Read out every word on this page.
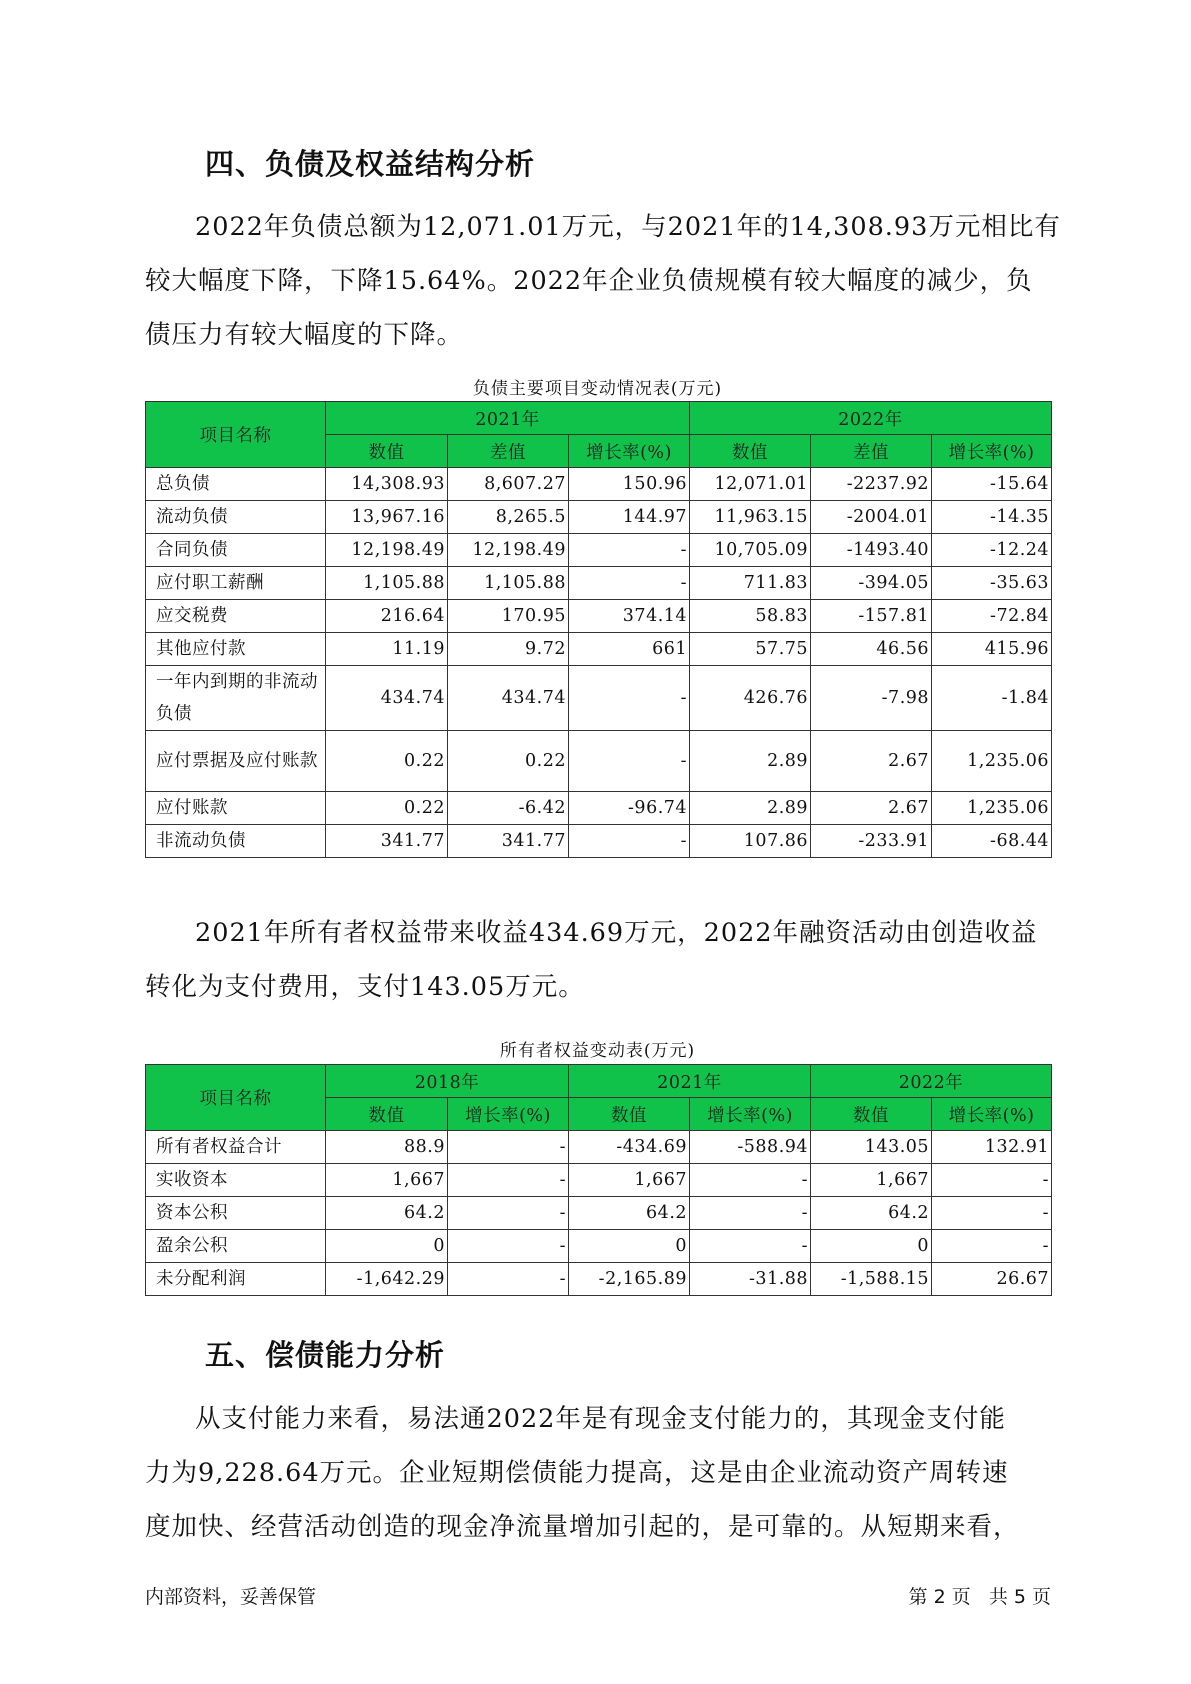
四、负债及权益结构分析
2022年负债总额为12,071.01万元，与2021年的14,308.93万元相比有
较大幅度下降，下降15.64%。2022年企业负债规模有较大幅度的减少，负
债压力有较大幅度的下降。
负债主要项目变动情况表(万元)
项目名称	2021年			2022年		
	数值	差值	增长率(%)	数值	差值	增长率(%)
总负债	14,308.93	8,607.27	150.96	12,071.01	-2237.92	-15.64
流动负债	13,967.16	8,265.5	144.97	11,963.15	-2004.01	-14.35
合同负债	12,198.49	12,198.49	-	10,705.09	-1493.40	-12.24
应付职工薪酬	1,105.88	1,105.88	-	711.83	-394.05	-35.63
应交税费	216.64	170.95	374.14	58.83	-157.81	-72.84
其他应付款	11.19	9.72	661	57.75	46.56	415.96
一年内到期的非流动负债	434.74	434.74	-	426.76	-7.98	-1.84
应付票据及应付账款	0.22	0.22	-	2.89	2.67	1,235.06
应付账款	0.22	-6.42	-96.74	2.89	2.67	1,235.06
非流动负债	341.77	341.77	-	107.86	-233.91	-68.44
2021年所有者权益带来收益434.69万元，2022年融资活动由创造收益
转化为支付费用，支付143.05万元。
所有者权益变动表(万元)
项目名称	2018年		2021年		2022年	
	数值	增长率(%)	数值	增长率(%)	数值	增长率(%)
所有者权益合计	88.9	-	-434.69	-588.94	143.05	132.91
实收资本	1,667	-	1,667	-	1,667	-
资本公积	64.2	-	64.2	-	64.2	-
盈余公积	0	-	0	-	0	-
未分配利润	-1,642.29	-	-2,165.89	-31.88	-1,588.15	26.67
五、偿债能力分析
从支付能力来看，易法通2022年是有现金支付能力的，其现金支付能
力为9,228.64万元。企业短期偿债能力提高，这是由企业流动资产周转速
度加快、经营活动创造的现金净流量增加引起的，是可靠的。从短期来看，
内部资料，妥善保管	第 2 页   共 5 页
